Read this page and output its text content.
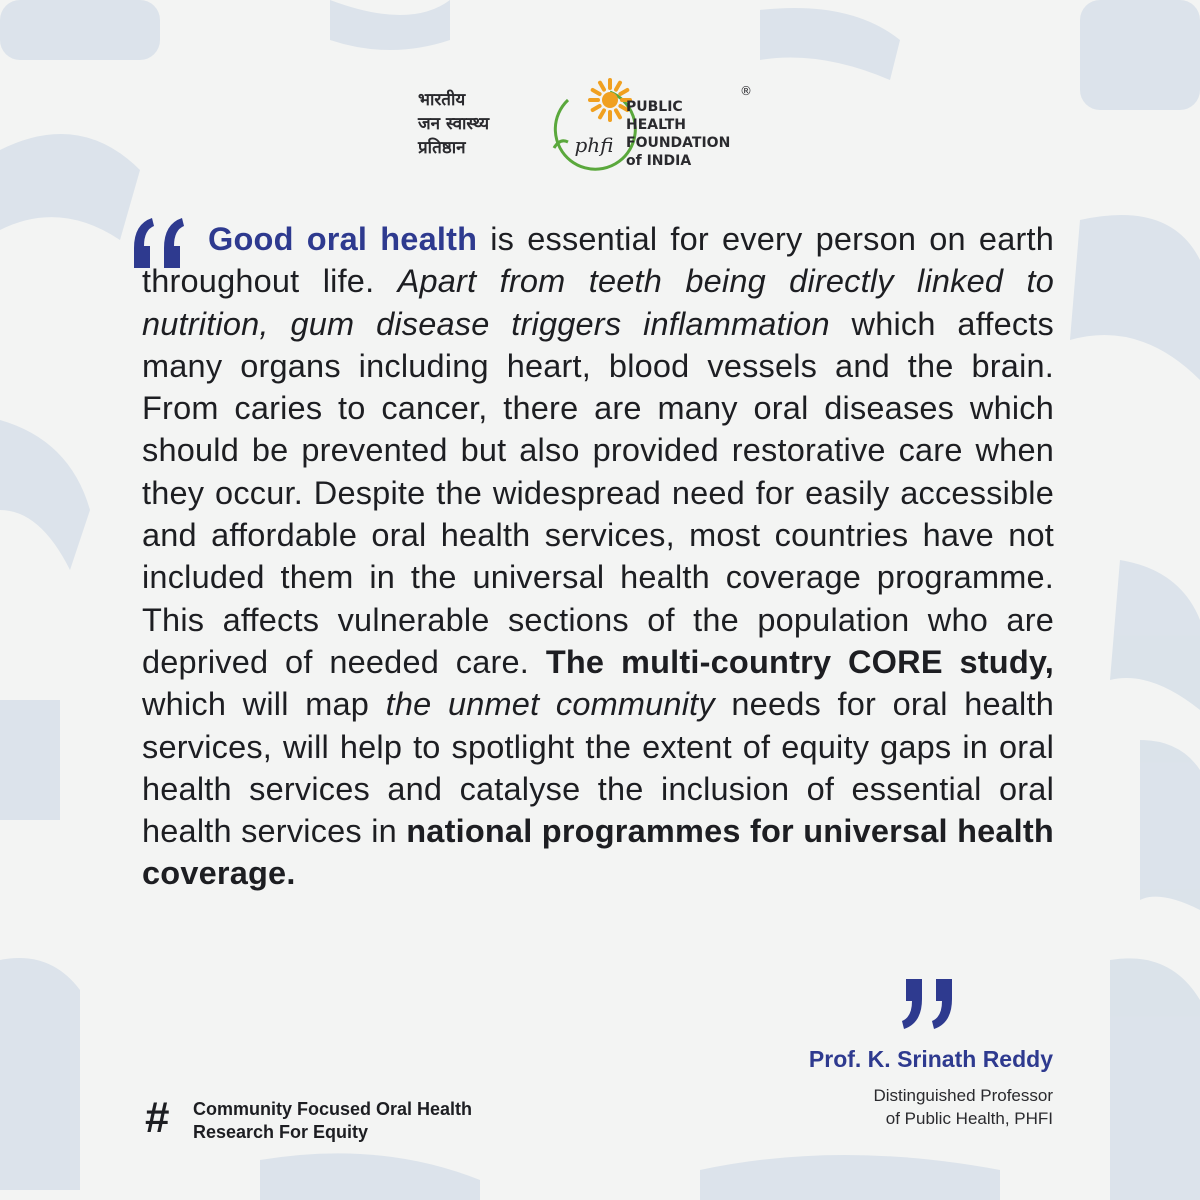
भारतीय
जन स्वास्थ्य
प्रतिष्ठान	phfi
PUBLIC
HEALTH
FOUNDATION
of INDIA
®
Good oral health is essential for every person on earth throughout life. Apart from teeth being directly linked to nutrition, gum disease triggers inflammation which affects many organs including heart, blood vessels and the brain. From caries to cancer, there are many oral diseases which should be prevented but also provided restorative care when they occur. Despite the widespread need for easily accessible and affordable oral health services, most countries have not included them in the universal health coverage programme. This affects vulnerable sections of the population who are deprived of needed care. The multi-country CORE study, which will map the unmet community needs for oral health services, will help to spotlight the extent of equity gaps in oral health services and catalyse the inclusion of essential oral health services in national programmes for universal health coverage.
Prof. K. Srinath Reddy
Distinguished Professor
of Public Health, PHFI
# Community Focused Oral Health
Research For Equity
